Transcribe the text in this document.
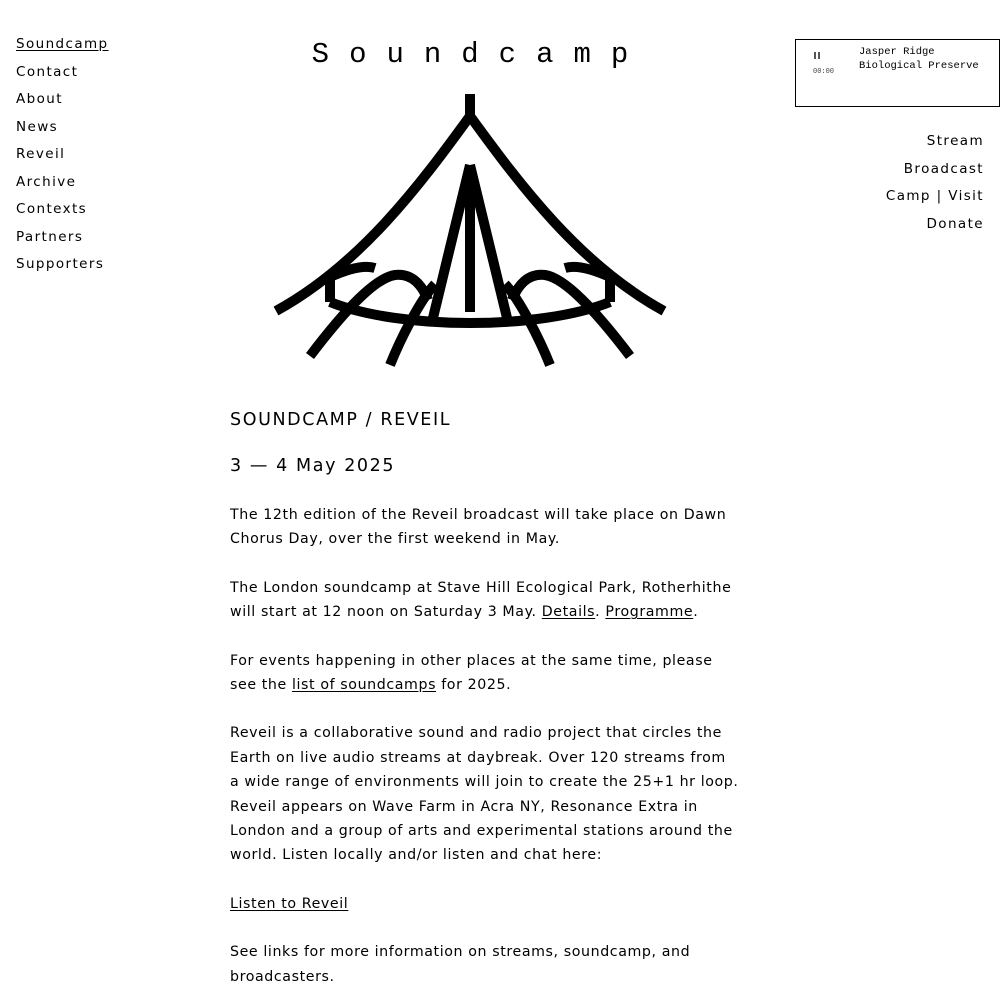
Soundcamp
Contact
About
News
Reveil
Archive
Contexts
Partners
Supporters
Soundcamp
00:00
Jasper Ridge
Biological Preserve
Stream
Broadcast
Camp | Visit
Donate
SOUNDCAMP / REVEIL
3 — 4 May 2025

The 12th edition of the Reveil broadcast will take place on Dawn Chorus Day, over the first weekend in May.

The London soundcamp at Stave Hill Ecological Park, Rotherhithe will start at 12 noon on Saturday 3 May. Details. Programme.

For events happening in other places at the same time, please see the list of soundcamps for 2025.

Reveil is a collaborative sound and radio project that circles the Earth on live audio streams at daybreak. Over 120 streams from a wide range of environments will join to create the 25+1 hr loop. Reveil appears on Wave Farm in Acra NY, Resonance Extra in London and a group of arts and experimental stations around the world. Listen locally and/or listen and chat here:

Listen to Reveil

See links for more information on streams, soundcamp, and broadcasters.
